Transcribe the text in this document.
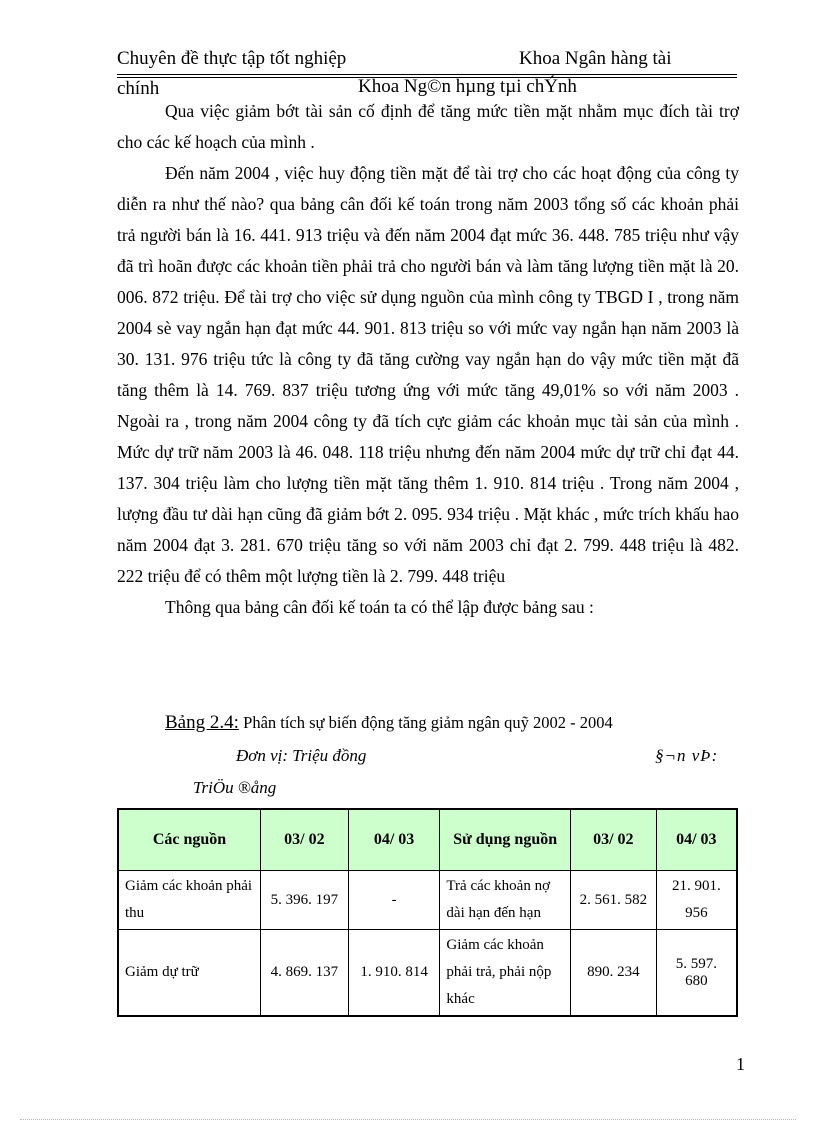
Chuyên đề thực tập tốt nghiệp	Khoa Ngân hàng tài
chính	Khoa Ng©n hµng tµi chÝnh

Qua việc giảm bớt tài sản cố định để tăng mức tiền mặt nhằm mục đích tài trợ cho các kế hoạch của mình .

Đến năm 2004 , việc huy động tiền mặt để tài trợ cho các hoạt động của công ty diễn ra như thế nào? qua bảng cân đối kế toán trong năm 2003 tổng số các khoản phải trả người bán là 16. 441. 913 triệu và đến năm 2004 đạt mức 36. 448. 785 triệu như vậy đã trì hoãn được các khoản tiền phải trả cho người bán và làm tăng lượng tiền mặt là 20. 006. 872 triệu. Để tài trợ cho việc sử dụng nguồn của mình công ty TBGD I , trong năm 2004 sè vay ngắn hạn đạt mức 44. 901. 813 triệu so với mức vay ngắn hạn năm 2003 là 30. 131. 976 triệu tức là công ty đã tăng cường vay ngắn hạn do vậy mức tiền mặt đã tăng thêm là 14. 769. 837 triệu tương ứng với mức tăng 49,01% so với năm 2003 . Ngoài ra , trong năm 2004 công ty đã tích cực giảm các khoản mục tài sản của mình . Mức dự trữ năm 2003 là 46. 048. 118 triệu nhưng đến năm 2004 mức dự trữ chỉ đạt 44. 137. 304 triệu làm cho lượng tiền mặt tăng thêm 1. 910. 814 triệu . Trong năm 2004 , lượng đầu tư dài hạn cũng đã giảm bớt 2. 095. 934 triệu . Mặt khác , mức trích khấu hao năm 2004 đạt 3. 281. 670 triệu tăng so với năm 2003 chỉ đạt 2. 799. 448 triệu là 482. 222 triệu để có thêm một lượng tiền là 2. 799. 448 triệu

Thông qua bảng cân đối kế toán ta có thể lập được bảng sau :

Bảng 2.4: Phân tích sự biến động tăng giảm ngân quỹ 2002 - 2004
Đơn vị: Triệu đồng	§¬n vÞ:
TriÖu ®ång
Các nguồn	03/ 02	04/ 03	Sử dụng nguồn	03/ 02	04/ 03
Giảm các khoản phải thu	5. 396. 197	-	Trả các khoản nợ dài hạn đến hạn	2. 561. 582	21. 901. 956
Giảm dự trữ	4. 869. 137	1. 910. 814	Giảm các khoản phải trả, phải nộp khác	890. 234	5. 597. 680
1
